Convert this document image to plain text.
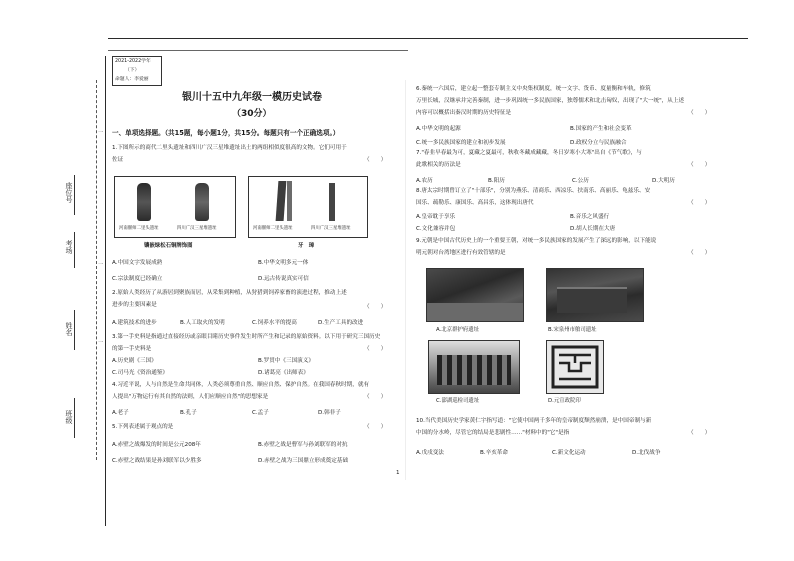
2021-2022学年
（下）
命题人：李爱丽
座位号
考场
姓名
班级
一
一
一
银川十五中九年级一模历史试卷
（30分）
一、单项选择题。（共15题，每小题1分，共15分。每题只有一个正确选项。）
1.下图所示的商代二里头遗址和四川广汉三星堆遗址出土的两组相似度很高的文物。它们可用于
佐证	（　　）
河南偃师二里头遗址	四川广汉三星堆遗址
镶嵌绿松石铜牌饰图
河南偃师二里头遗址	四川广汉三星堆遗址
牙　璋
A.中国文字发展成熟	B.中华文明多元一体
C.宗法制度已经确立	D.远古传说真实可信
2.原始人类经历了从游居到聚族而居，从采集到种植，从狩猎到饲养家畜的演进过程，推动上述
进步的主要因素是	（　　）
A.建筑技术的进步	B.人工取火的发明	C.饲养水平的提高	D.生产工具的改进
3.第一手史料是指通过直接经历或亲眼目睹历史事件发生时所产生和记录的原始资料。以下用于研究三国历史
的第一手史料是	（　　）
A.历史剧《三国》	B.罗贯中《三国演义》
C.司马光《资治通鉴》	D.诸葛亮《出师表》
4.习近平说，人与自然是生命共同体，人类必须尊重自然、顺应自然、保护自然。在我国春秋时期，就有
人提出"万物运行有其自然的法则，人们应顺应自然"的思想家是	（　　）
A.老子	B.孔子	C.孟子	D.韩非子
5.下列表述属于观点的是	（　　）
A.赤壁之战爆发的时间是公元208年	B.赤壁之战是曹军与孙刘联军的对抗
C.赤壁之战结果是孙刘联军以少胜多	D.赤壁之战为三国鼎立形成奠定基础
1
6.秦统一六国后，建立起一整套专制主义中央集权制度，统一文字、货币、度量衡和车轨，修筑
万里长城，汉继承并完善秦制，进一步巩固统一多民族国家，独尊儒术和北击匈奴，出现了"大一统"，从上述
内容可以概括出秦汉时期的历史特征是	（　　）
A.中华文明的起源	B.国家的产生和社会变革
C.统一多民族国家的建立和初步发展	D.政权分立与民族融合
7."春韭早春最为可，夏藏之夏最可，秋收冬藏成藏藏，冬日岁寒小大寒"出自《节气歌》，与
此歌相关的历法是	（　　）
A.农历	B.阳历	C.公历	D.大明历
8.唐太宗时期曾订立了"十部乐"，分别为燕乐、清商乐、西凉乐、扶南乐、高丽乐、龟兹乐、安
国乐、疏勒乐、康国乐、高昌乐，这体现出唐代	（　　）
A.皇帝耽于享乐	B.音乐之风盛行
C.文化兼容并包	D.胡人长期在大唐
9.元朝是中国古代历史上的一个重要王朝，对统一多民族国家的发展产生了深远的影响，以下能说
明元朝对台湾地区进行有效管辖的是	（　　）
A.北京群护府遗址	B.宋泉州市舶司遗址
C.澎湖巡检司遗址	D.元宣政院印
10.当代美国历史学家黄仁宇指写道："它使中国两千多年的皇帝制度颓然崩溃，是中国帝制与新
中国的分水岭，尽管它的结局是悲剧性……"材料中的"它"是指	（　　）
A.戊戌变法	B.辛亥革命	C.新文化运动	D.北伐战争
